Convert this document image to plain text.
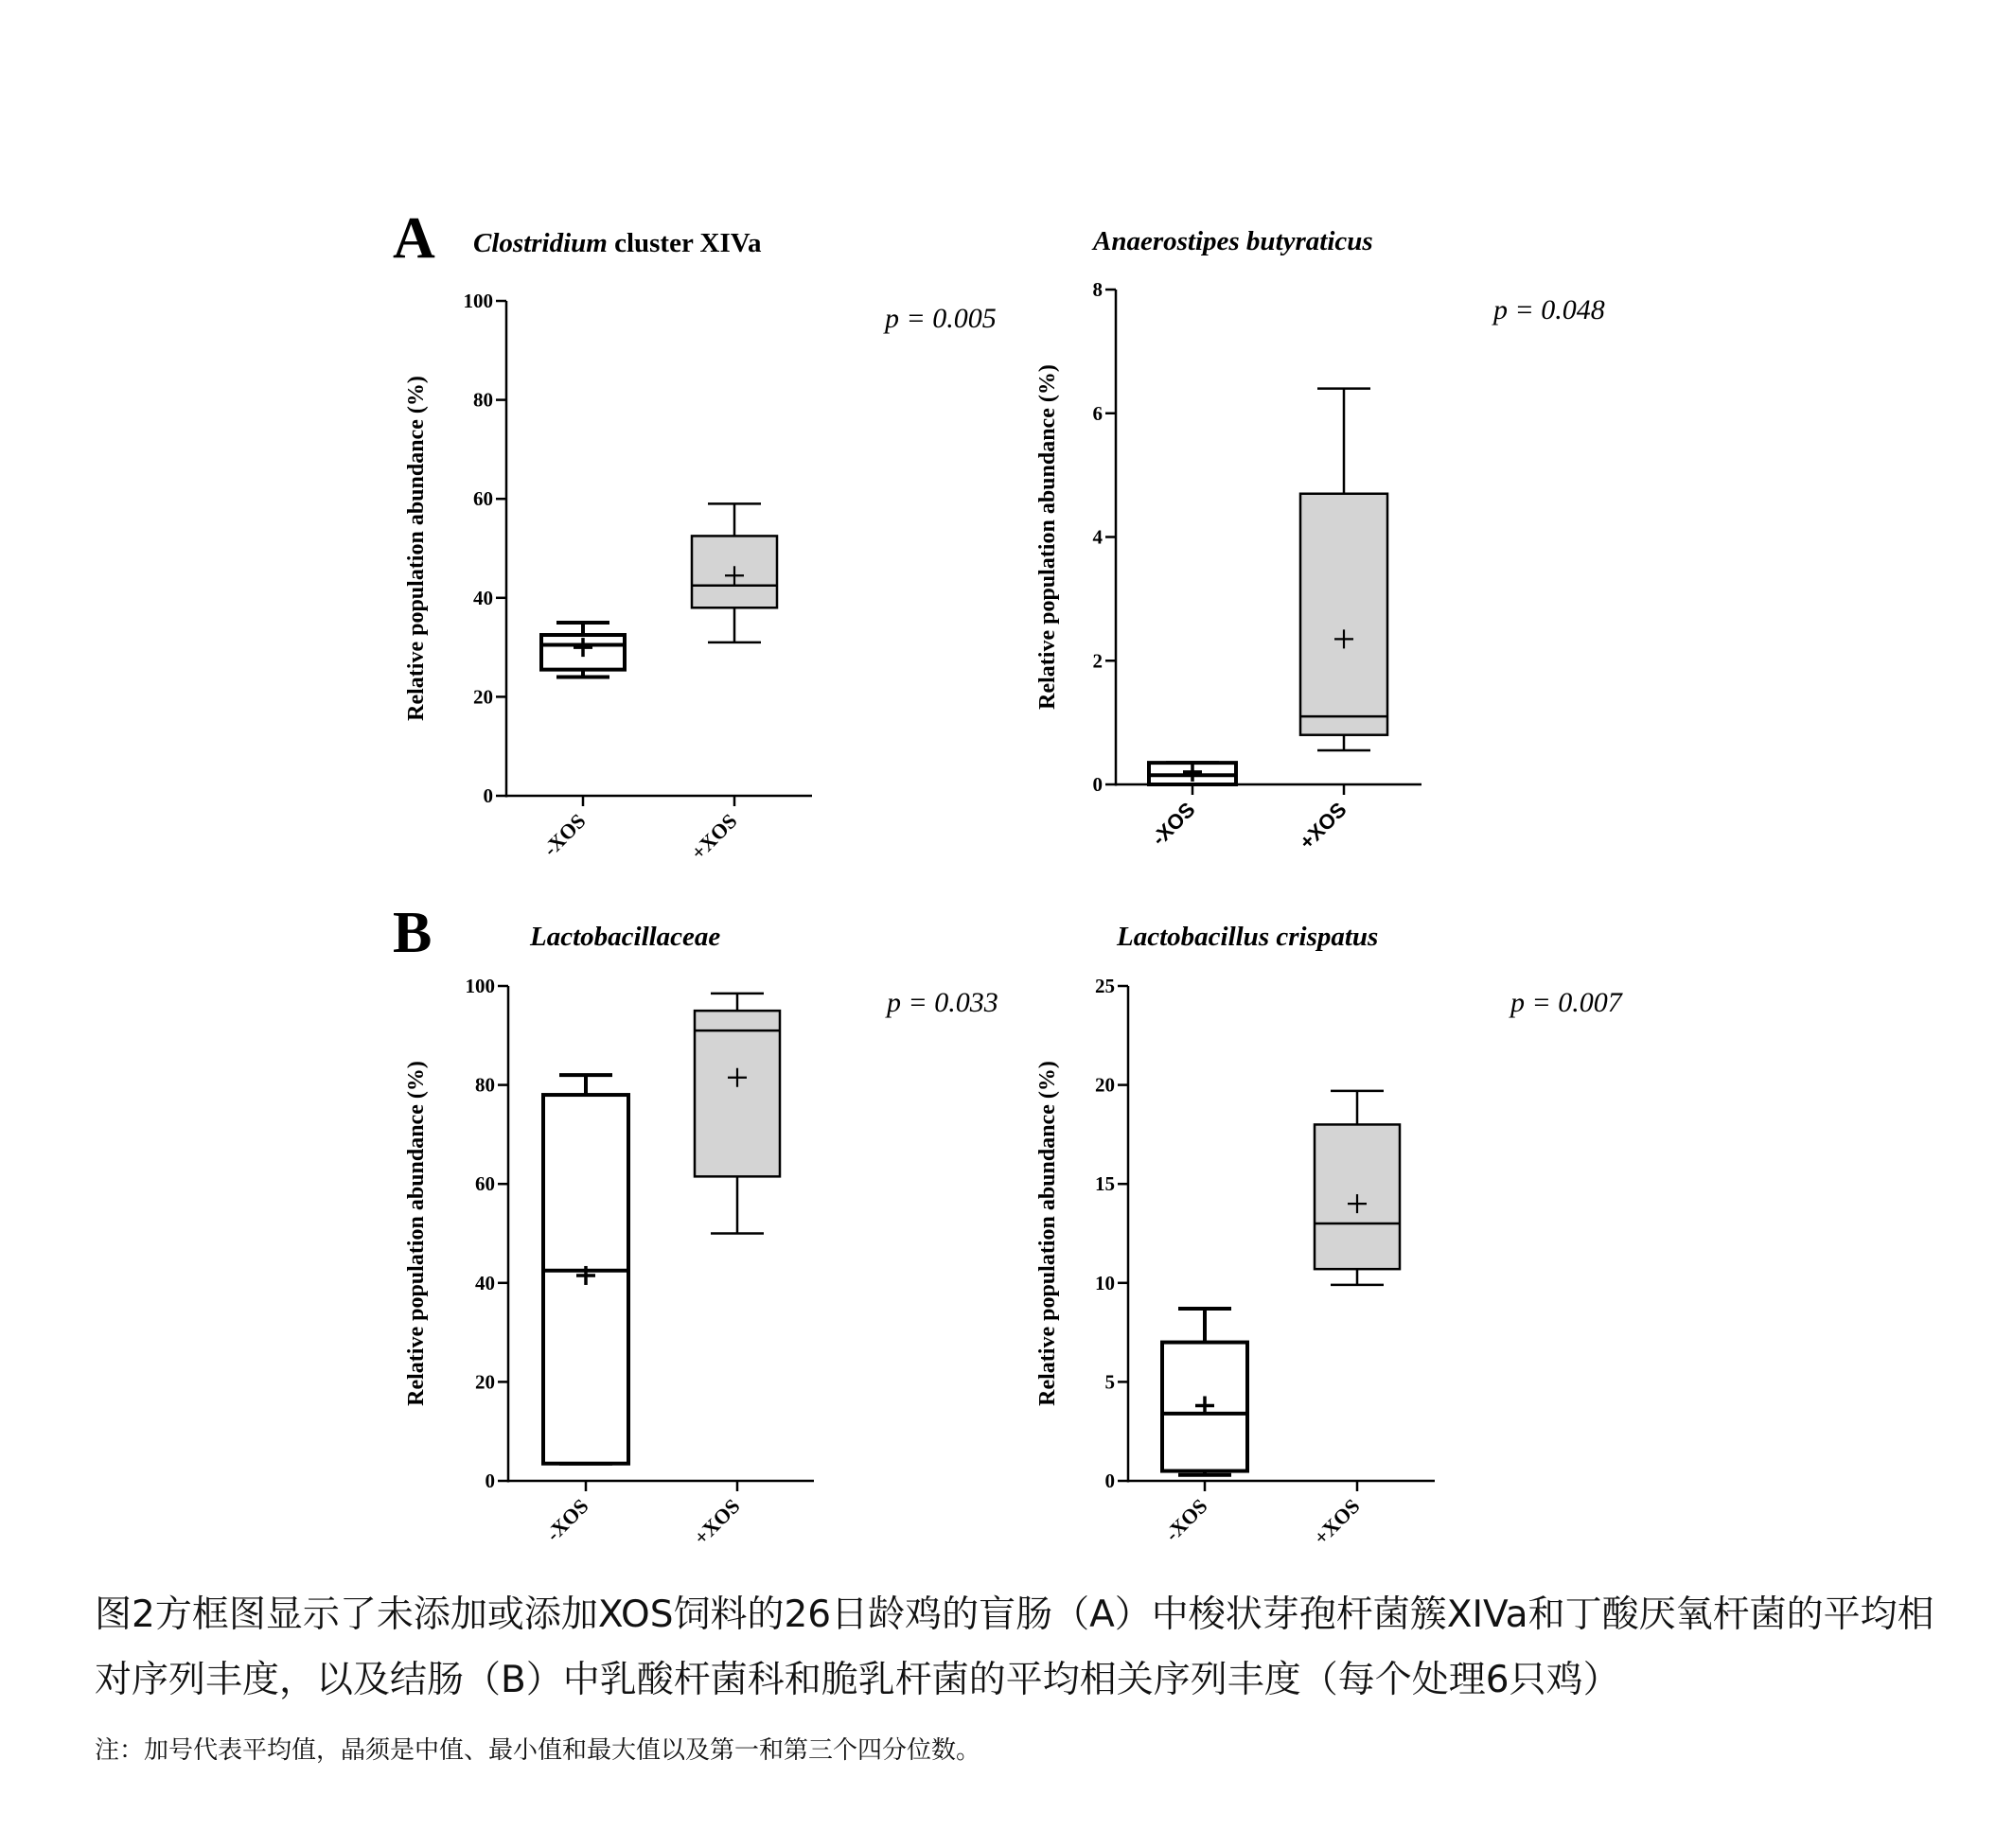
A
B
Clostridium cluster XIVa
p = 0.005
Relative population abundance (%)
0
20
40
60
80
100
-XOS	+XOS
Anaerostipes butyraticus
p = 0.048
Relative population abundance (%)
0
2
4
6
8
-XOS	+XOS
Lactobacillaceae
p = 0.033
Relative population abundance (%)
0
20
40
60
80
100
-XOS	+XOS
Lactobacillus crispatus
p = 0.007
Relative population abundance (%)
0
5
10
15
20
25
-XOS	+XOS
图2方框图显示了未添加或添加XOS饲料的26日龄鸡的盲肠（A）中梭状芽孢杆菌簇XIVa和丁酸厌氧杆菌的平均相对序列丰度，以及结肠（B）中乳酸杆菌科和脆乳杆菌的平均相关序列丰度（每个处理6只鸡）
注：加号代表平均值，晶须是中值、最小值和最大值以及第一和第三个四分位数。
